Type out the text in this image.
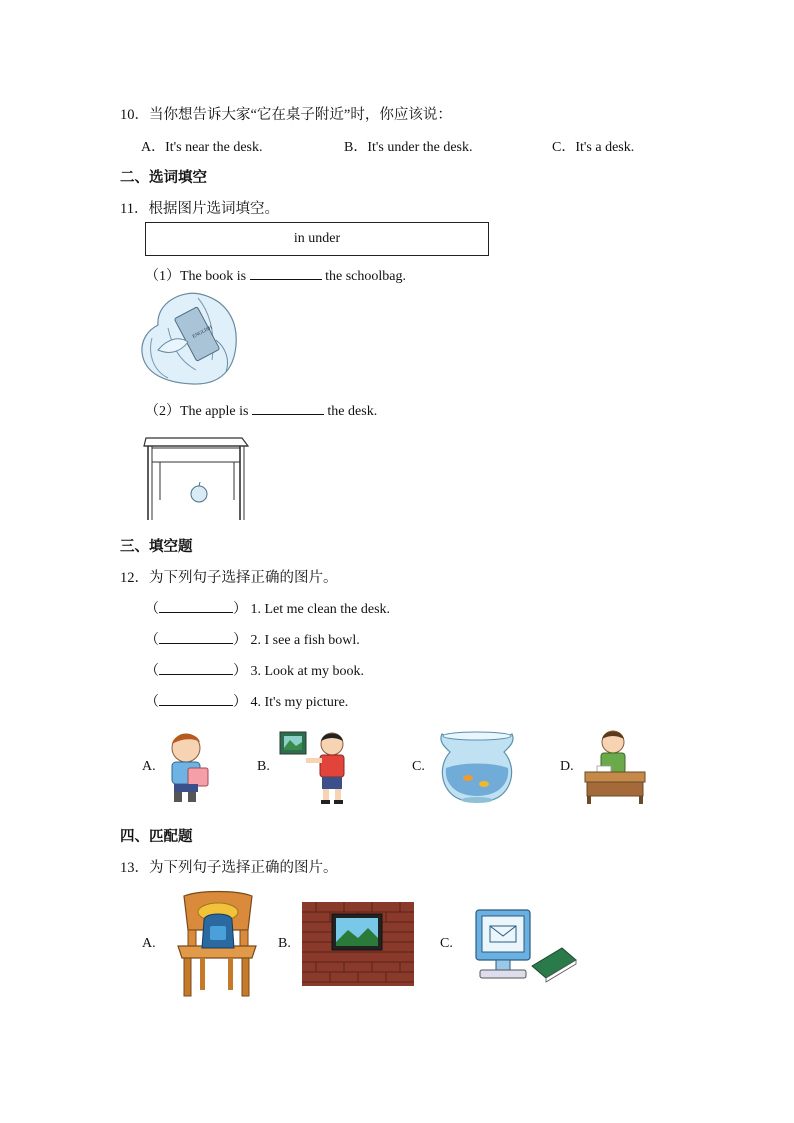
10．当你想告诉大家“它在桌子附近”时，你应该说：
A．It's near the desk.	B．It's under the desk.	C．It's a desk.
二、选词填空
11．根据图片选词填空。
in under
（1）The book is	the schoolbag.
ENGLISH
（2）The apple is	the desk.
三、填空题
12．为下列句子选择正确的图片。
（	） 1. Let me clean the desk.
（	） 2. I see a fish bowl.
（	） 3. Look at my book.
（	） 4. It's my picture.
A.	B.	C.	D.
四、匹配题
13．为下列句子选择正确的图片。
A.	B.	C.
